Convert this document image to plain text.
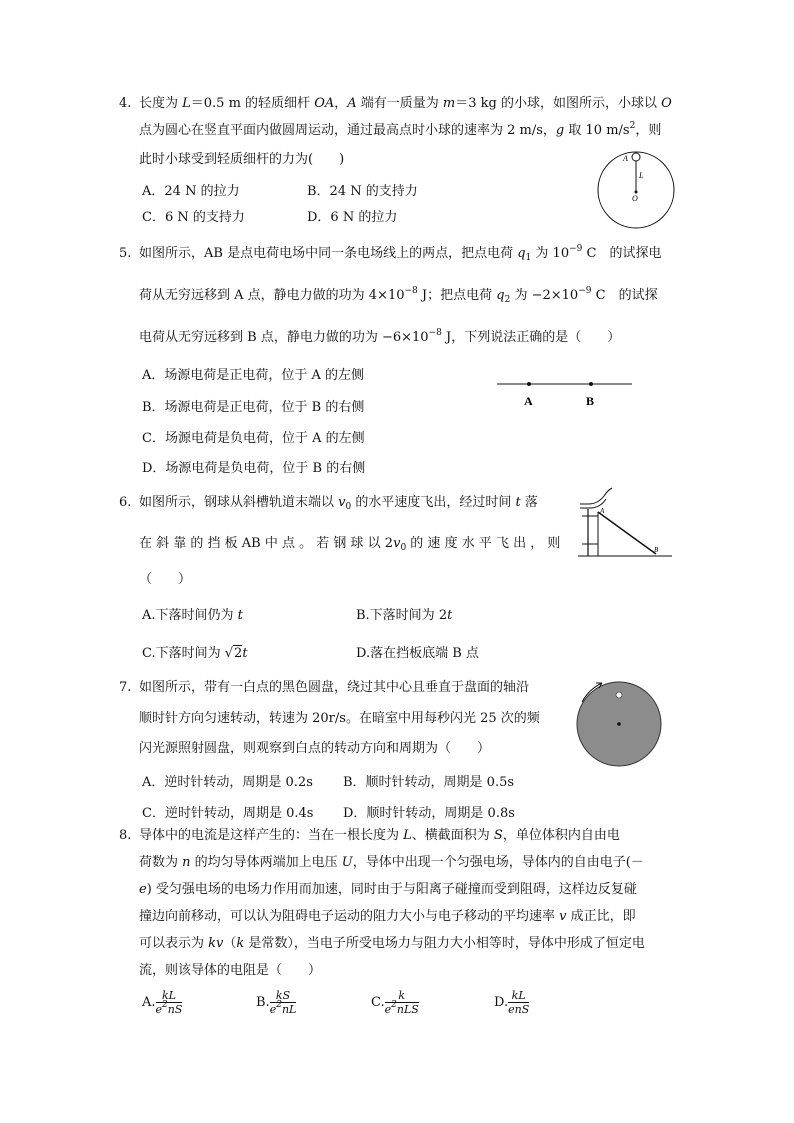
4. 长度为 L＝0.5 m 的轻质细杆 OA，A 端有一质量为 m＝3 kg 的小球，如图所示，小球以 O
点为圆心在竖直平面内做圆周运动，通过最高点时小球的速率为 2 m/s，g 取 10 $m/s^2$，则
此时小球受到轻质细杆的力为(　　)
A．24 N 的拉力	B．24 N 的支持力
C．6 N 的支持力	D．6 N 的拉力
A
L
O
5. 如图所示，AB 是点电荷电场中同一条电场线上的两点，把点电荷 $q_1$ 为 $10^{-9}$ C　的试探电
荷从无穷远移到 A 点，静电力做的功为 $4\times 10^{-8}$ J；把点电荷 $q_2$ 为 $-2\times 10^{-9}$ C　的试探
电荷从无穷远移到 B 点，静电力做的功为 $-6\times 10^{-8}$ J，下列说法正确的是（　　）
A．场源电荷是正电荷，位于 A 的左侧
B．场源电荷是正电荷，位于 B 的右侧
C．场源电荷是负电荷，位于 A 的左侧
D．场源电荷是负电荷，位于 B 的右侧
A	B
6. 如图所示，钢球从斜槽轨道末端以 $v_0$ 的水平速度飞出，经过时间 t 落
在 斜 靠 的 挡 板 AB 中 点 。 若 钢 球 以 $2v_0$ 的 速 度 水 平 飞 出 ， 则
（　　）
A.下落时间仍为 t	B.下落时间为 2t
C.下落时间为 √2t	D.落在挡板底端 B 点
A
B
7. 如图所示，带有一白点的黑色圆盘，绕过其中心且垂直于盘面的轴沿
顺时针方向匀速转动，转速为 20r/s。在暗室中用每秒闪光 25 次的频
闪光源照射圆盘，则观察到白点的转动方向和周期为（　　）
A．逆时针转动，周期是 0.2s B．顺时针转动，周期是 0.5s
C．逆时针转动，周期是 0.4s D．顺时针转动，周期是 0.8s
8. 导体中的电流是这样产生的：当在一根长度为 L、横截面积为 S，单位体积内自由电
荷数为 n 的均匀导体两端加上电压 U，导体中出现一个匀强电场，导体内的自由电子(－
e) 受匀强电场的电场力作用而加速，同时由于与阳离子碰撞而受到阻碍，这样边反复碰
撞边向前移动，可以认为阻碍电子运动的阻力大小与电子移动的平均速率 v 成正比，即
可以表示为 kv（k 是常数），当电子所受电场力与阻力大小相等时，导体中形成了恒定电
流，则该导体的电阻是（　　）
A. $\frac{kL}{e^2nS}$	B. $\frac{kS}{e^2nL}$	C. $\frac{k}{e^2nLS}$	D. $\frac{kL}{\text{enS}}$
